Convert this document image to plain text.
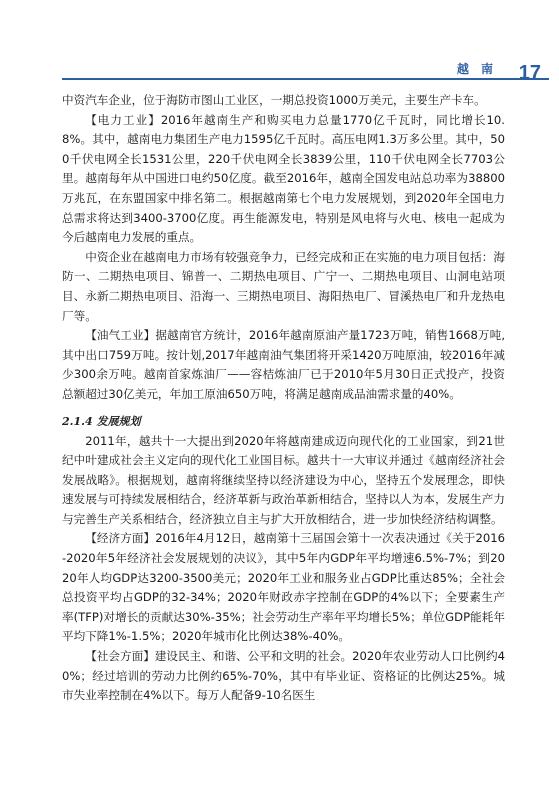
越 南 17

中资汽车企业，位于海防市图山工业区，一期总投资1000万美元，主要生产卡车。

【电力工业】2016年越南生产和购买电力总量1770亿千瓦时，同比增长10.8%。其中，越南电力集团生产电力1595亿千瓦时。高压电网1.3万多公里。其中，500千伏电网全长1531公里，220千伏电网全长3839公里，110千伏电网全长7703公里。越南每年从中国进口电约50亿度。截至2016年，越南全国发电站总功率为38800万兆瓦，在东盟国家中排名第二。根据越南第七个电力发展规划，到2020年全国电力总需求将达到3400-3700亿度。再生能源发电，特别是风电将与火电、核电一起成为今后越南电力发展的重点。

中资企业在越南电力市场有较强竞争力，已经完成和正在实施的电力项目包括：海防一、二期热电项目、锦普一、二期热电项目、广宁一、二期热电项目、山洞电站项目、永新二期热电项目、沿海一、三期热电项目、海阳热电厂、冒溪热电厂和升龙热电厂等。

【油气工业】据越南官方统计，2016年越南原油产量1723万吨，销售1668万吨,其中出口759万吨。按计划,2017年越南油气集团将开采1420万吨原油，较2016年减少300余万吨。越南首家炼油厂——容桔炼油厂已于2010年5月30日正式投产，投资总额超过30亿美元，年加工原油650万吨，将满足越南成品油需求量的40%。

2.1.4 发展规划

2011年，越共十一大提出到2020年将越南建成迈向现代化的工业国家，到21世纪中叶建成社会主义定向的现代化工业国目标。越共十一大审议并通过《越南经济社会发展战略》。根据规划，越南将继续坚持以经济建设为中心，坚持五个发展理念，即快速发展与可持续发展相结合，经济革新与政治革新相结合，坚持以人为本，发展生产力与完善生产关系相结合，经济独立自主与扩大开放相结合，进一步加快经济结构调整。

【经济方面】2016年4月12日，越南第十三届国会第十一次表决通过《关于2016-2020年5年经济社会发展规划的决议》，其中5年内GDP年平均增速6.5%-7%；到2020年人均GDP达3200-3500美元；2020年工业和服务业占GDP比重达85%；全社会总投资平均占GDP的32-34%；2020年财政赤字控制在GDP的4%以下；全要素生产率(TFP)对增长的贡献达30%-35%；社会劳动生产率年平均增长5%；单位GDP能耗年平均下降1%-1.5%；2020年城市化比例达38%-40%。

【社会方面】建设民主、和谐、公平和文明的社会。2020年农业劳动人口比例约40%；经过培训的劳动力比例约65%-70%，其中有毕业证、资格证的比例达25%。城市失业率控制在4%以下。每万人配备9-10名医生
